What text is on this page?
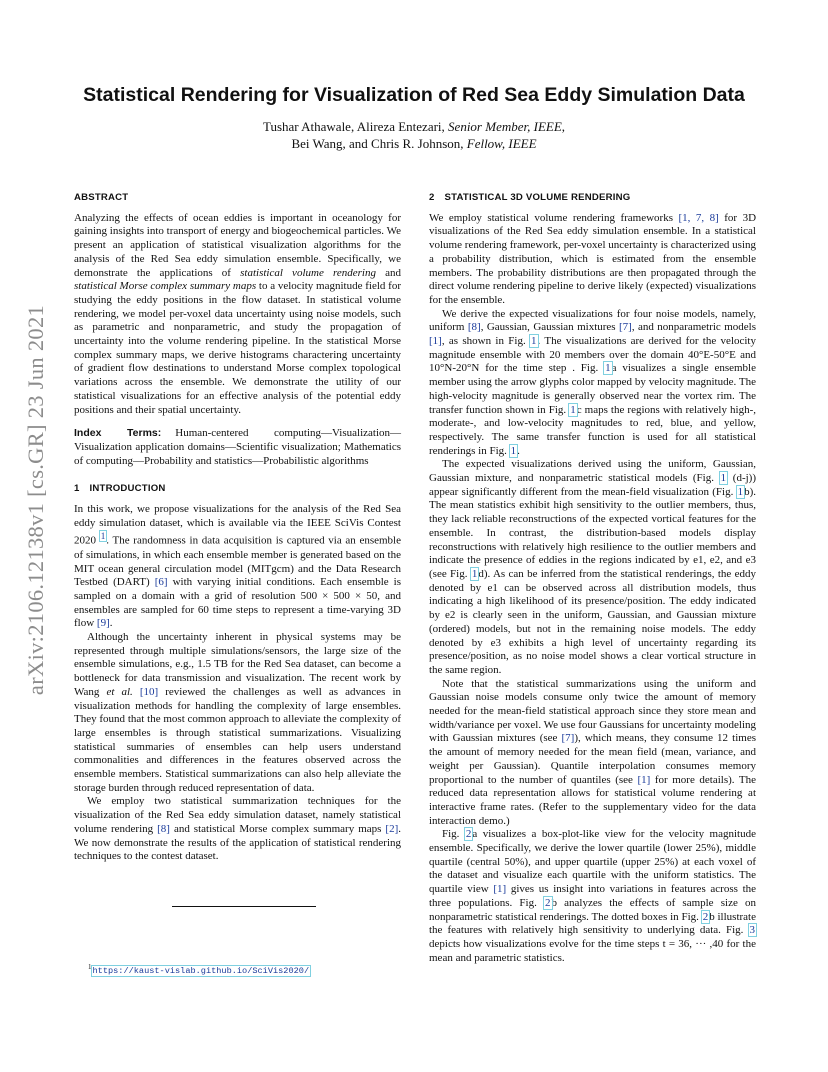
arXiv:2106.12138v1 [cs.GR] 23 Jun 2021
Statistical Rendering for Visualization of Red Sea Eddy Simulation Data
Tushar Athawale, Alireza Entezari, Senior Member, IEEE,
Bei Wang, and Chris R. Johnson, Fellow, IEEE
ABSTRACT

Analyzing the effects of ocean eddies is important in oceanology for gaining insights into transport of energy and biogeochemical particles. We present an application of statistical visualization algorithms for the analysis of the Red Sea eddy simulation ensemble. Specifically, we demonstrate the applications of statistical volume rendering and statistical Morse complex summary maps to a velocity magnitude field for studying the eddy positions in the flow dataset. In statistical volume rendering, we model per-voxel data uncertainty using noise models, such as parametric and nonparametric, and study the propagation of uncertainty into the volume rendering pipeline. In the statistical Morse complex summary maps, we derive histograms charactering uncertainty of gradient flow destinations to understand Morse complex topological variations across the ensemble. We demonstrate the utility of our statistical visualizations for an effective analysis of the potential eddy positions and their spatial uncertainty.

Index Terms: Human-centered computing—Visualization—Visualization application domains—Scientific visualization; Mathematics of computing—Probability and statistics—Probabilistic algorithms

1 INTRODUCTION

In this work, we propose visualizations for the analysis of the Red Sea eddy simulation dataset, which is available via the IEEE SciVis Contest 2020 $^1$. The randomness in data acquisition is captured via an ensemble of simulations, in which each ensemble member is generated based on the MIT ocean general circulation model (MITgcm) and the Data Research Testbed (DART) [6] with varying initial conditions. Each ensemble is sampled on a domain with a grid of resolution 500 × 500 × 50, and ensembles are sampled for 60 time steps to represent a time-varying 3D flow [9].

Although the uncertainty inherent in physical systems may be represented through multiple simulations/sensors, the large size of the ensemble simulations, e.g., 1.5 TB for the Red Sea dataset, can become a bottleneck for data transmission and visualization. The recent work by Wang et al. [10] reviewed the challenges as well as advances in visualization methods for handling the complexity of large ensembles. They found that the most common approach to alleviate the complexity of large ensembles is through statistical summarizations. Visualizing statistical summaries of ensembles can help users understand commonalities and differences in the features observed across the ensemble members. Statistical summarizations can also help alleviate the storage burden through reduced representation of data.

We employ two statistical summarization techniques for the visualization of the Red Sea eddy simulation dataset, namely statistical volume rendering [8] and statistical Morse complex summary maps [2]. We now demonstrate the results of the application of statistical rendering techniques to the contest dataset.

$^1$https://kaust-vislab.github.io/SciVis2020/
2 STATISTICAL 3D VOLUME RENDERING

We employ statistical volume rendering frameworks [1, 7, 8] for 3D visualizations of the Red Sea eddy simulation ensemble. In a statistical volume rendering framework, per-voxel uncertainty is characterized using a probability distribution, which is estimated from the ensemble members. The probability distributions are then propagated through the direct volume rendering pipeline to derive likely (expected) visualizations for the ensemble.

We derive the expected visualizations for four noise models, namely, uniform [8], Gaussian, Gaussian mixtures [7], and nonparametric models [1], as shown in Fig. 1. The visualizations are derived for the velocity magnitude ensemble with 20 members over the domain 40°E-50°E and 10°N-20°N for the time step . Fig. 1a visualizes a single ensemble member using the arrow glyphs color mapped by velocity magnitude. The high-velocity magnitude is generally observed near the vortex rim. The transfer function shown in Fig. 1c maps the regions with relatively high-, moderate-, and low-velocity magnitudes to red, blue, and yellow, respectively. The same transfer function is used for all statistical renderings in Fig. 1.

The expected visualizations derived using the uniform, Gaussian, Gaussian mixture, and nonparametric statistical models (Fig. 1 (d-j)) appear significantly different from the mean-field visualization (Fig. 1b). The mean statistics exhibit high sensitivity to the outlier members, thus, they lack reliable reconstructions of the expected vortical features for the ensemble. In contrast, the distribution-based models display reconstructions with relatively high resilience to the outlier members and indicate the presence of eddies in the regions indicated by e1, e2, and e3 (see Fig. 1d). As can be inferred from the statistical renderings, the eddy denoted by e1 can be observed across all distribution models, thus indicating a high likelihood of its presence/position. The eddy indicated by e2 is clearly seen in the uniform, Gaussian, and Gaussian mixture (ordered) models, but not in the remaining noise models. The eddy denoted by e3 exhibits a high level of uncertainty regarding its presence/position, as no noise model shows a clear vortical structure in the same region.

Note that the statistical summarizations using the uniform and Gaussian noise models consume only twice the amount of memory needed for the mean-field statistical approach since they store mean and width/variance per voxel. We use four Gaussians for uncertainty modeling with Gaussian mixtures (see [7]), which means, they consume 12 times the amount of memory needed for the mean field (mean, variance, and weight per Gaussian). Quantile interpolation consumes memory proportional to the number of quantiles (see [1] for more details). The reduced data representation allows for statistical volume rendering at interactive frame rates. (Refer to the supplementary video for the data interaction demo.)

Fig. 2a visualizes a box-plot-like view for the velocity magnitude ensemble. Specifically, we derive the lower quartile (lower 25%), middle quartile (central 50%), and upper quartile (upper 25%) at each voxel of the dataset and visualize each quartile with the uniform statistics. The quartile view [1] gives us insight into variations in features across the three populations. Fig. 2b analyzes the effects of sample size on nonparametric statistical renderings. The dotted boxes in Fig. 2b illustrate the features with relatively high sensitivity to underlying data. Fig. 3 depicts how visualizations evolve for the time steps t = 36, ··· ,40 for the mean and parametric statistics.
